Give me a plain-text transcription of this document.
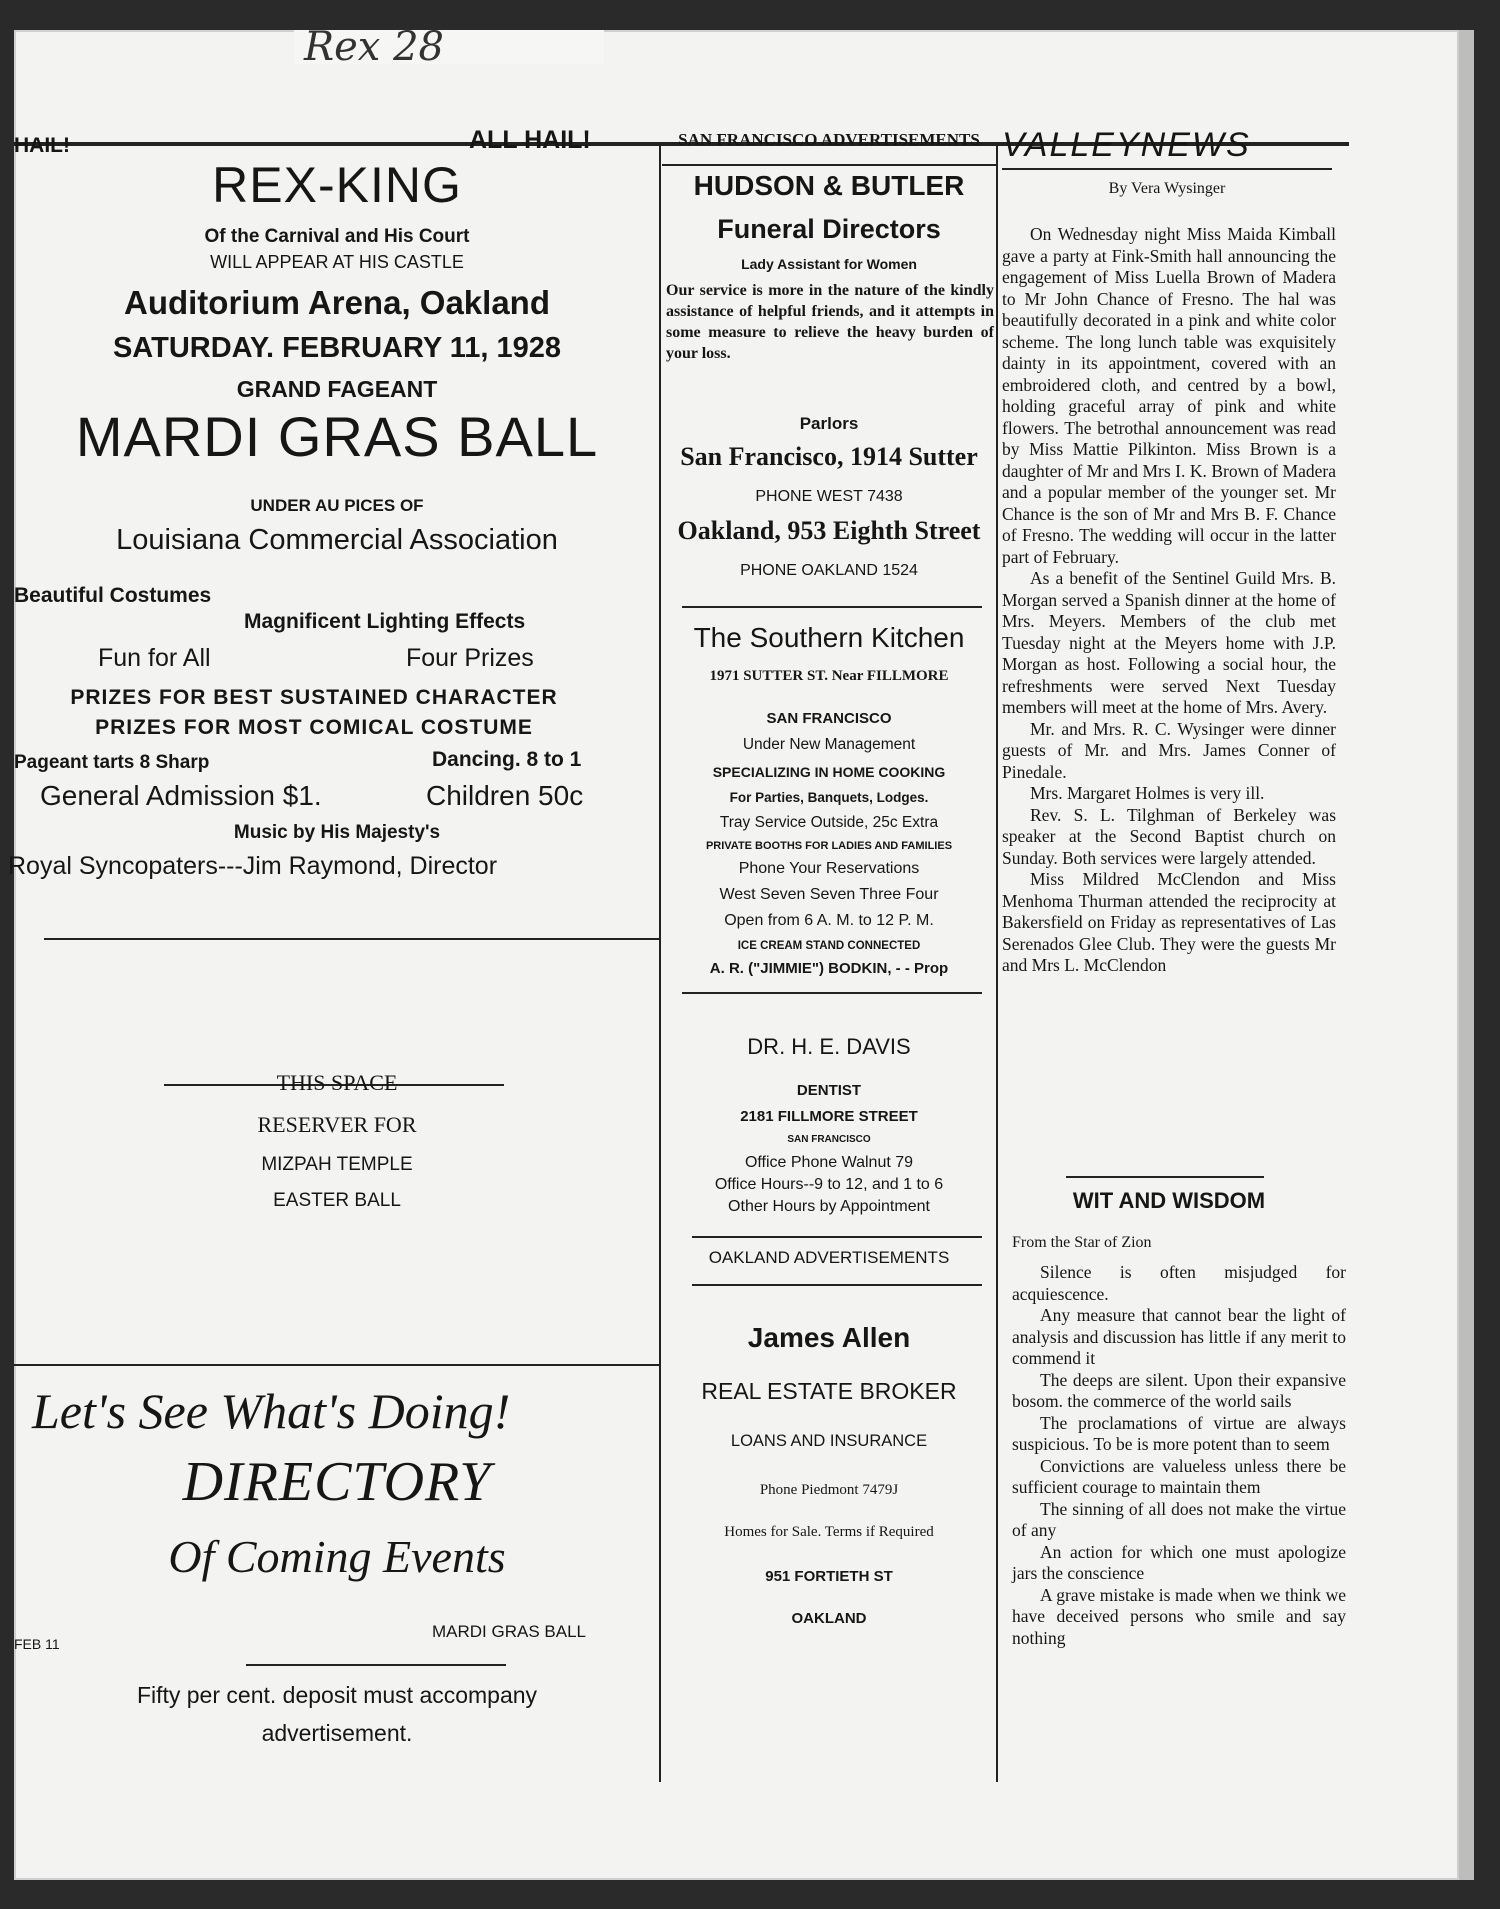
Rex 28
HAIL!	ALL HAIL!
REX-KING
Of the Carnival and His Court
WILL APPEAR AT HIS CASTLE
Auditorium Arena, Oakland
SATURDAY. FEBRUARY 11, 1928
GRAND FAGEANT
MARDI GRAS BALL
UNDER AU PICES OF
Louisiana Commercial Association
Beautiful Costumes
Magnificent Lighting Effects
Fun for All	Four Prizes
PRIZES FOR BEST SUSTAINED CHARACTER
PRIZES FOR MOST COMICAL COSTUME
Pageant tarts 8 Sharp	Dancing. 8 to 1
General Admission $1.	Children 50c
Music by His Majesty's
Royal Syncopaters---Jim Raymond, Director
THIS SPACE
RESERVER FOR
MIZPAH TEMPLE
EASTER BALL
Let's See What's Doing!
DIRECTORY
Of Coming Events
FEB 11
MARDI GRAS BALL
Fifty per cent. deposit must accompany
advertisement.
SAN FRANCISCO ADVERTISEMENTS
HUDSON & BUTLER
Funeral Directors
Lady Assistant for Women
Our service is more in the nature of the kindly assistance of helpful friends, and it attempts in some measure to relieve the heavy burden of your loss.
Parlors
San Francisco, 1914 Sutter
PHONE WEST 7438
Oakland, 953 Eighth Street
PHONE OAKLAND 1524
The Southern Kitchen
1971 SUTTER ST. Near FILLMORE
SAN FRANCISCO
Under New Management
SPECIALIZING IN HOME COOKING
For Parties, Banquets, Lodges.
Tray Service Outside, 25c Extra
PRIVATE BOOTHS FOR LADIES AND FAMILIES
Phone Your Reservations
West Seven Seven Three Four
Open from 6 A. M. to 12 P. M.
ICE CREAM STAND CONNECTED
A. R. ("JIMMIE") BODKIN, - - Prop
DR. H. E. DAVIS
DENTIST
2181 FILLMORE STREET
SAN FRANCISCO
Office Phone Walnut 79
Office Hours--9 to 12, and 1 to 6
Other Hours by Appointment
OAKLAND ADVERTISEMENTS
James Allen
REAL ESTATE BROKER
LOANS AND INSURANCE
Phone Piedmont 7479J
Homes for Sale. Terms if Required
951 FORTIETH ST
OAKLAND
VALLEYNEWS
By Vera Wysinger

On Wednesday night Miss Maida Kimball gave a party at Fink-Smith hall announcing the engagement of Miss Luella Brown of Madera to Mr John Chance of Fresno. The hal was beautifully decorated in a pink and white color scheme. The long lunch table was exquisitely dainty in its appointment, covered with an embroidered cloth, and centred by a bowl, holding graceful array of pink and white flowers. The betrothal announcement was read by Miss Mattie Pilkinton. Miss Brown is a daughter of Mr and Mrs I. K. Brown of Madera and a popular member of the younger set. Mr Chance is the son of Mr and Mrs B. F. Chance of Fresno. The wedding will occur in the latter part of February.

As a benefit of the Sentinel Guild Mrs. B. Morgan served a Spanish dinner at the home of Mrs. Meyers. Members of the club met Tuesday night at the Meyers home with J.P. Morgan as host. Following a social hour, the refreshments were served Next Tuesday members will meet at the home of Mrs. Avery.

Mr. and Mrs. R. C. Wysinger were dinner guests of Mr. and Mrs. James Conner of Pinedale.

Mrs. Margaret Holmes is very ill.

Rev. S. L. Tilghman of Berkeley was speaker at the Second Baptist church on Sunday. Both services were largely attended.

Miss Mildred McClendon and Miss Menhoma Thurman attended the reciprocity at Bakersfield on Friday as representatives of Las Serenados Glee Club. They were the guests Mr and Mrs L. McClendon

WIT AND WISDOM
From the Star of Zion

Silence is often misjudged for acquiescence.

Any measure that cannot bear the light of analysis and discussion has little if any merit to commend it

The deeps are silent. Upon their expansive bosom. the commerce of the world sails

The proclamations of virtue are always suspicious. To be is more potent than to seem

Convictions are valueless unless there be sufficient courage to maintain them

The sinning of all does not make the virtue of any

An action for which one must apologize jars the conscience

A grave mistake is made when we think we have deceived persons who smile and say nothing
